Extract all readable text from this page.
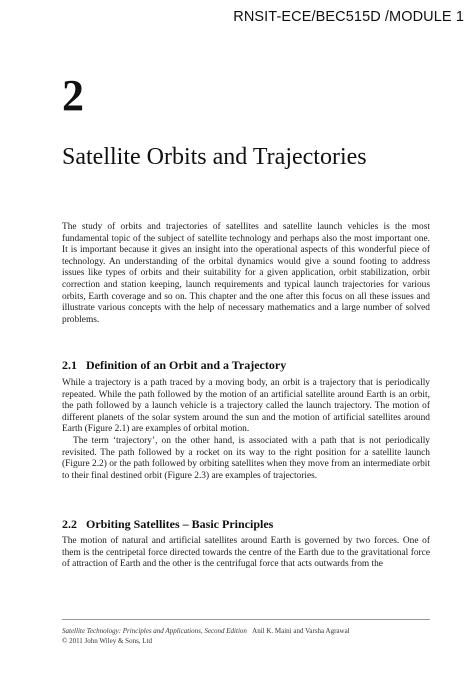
RNSIT-ECE/BEC515D /MODULE 1
2
Satellite Orbits and Trajectories
The study of orbits and trajectories of satellites and satellite launch vehicles is the most fundamental topic of the subject of satellite technology and perhaps also the most important one. It is important because it gives an insight into the operational aspects of this wonderful piece of technology. An understanding of the orbital dynamics would give a sound footing to address issues like types of orbits and their suitability for a given application, orbit stabilization, orbit correction and station keeping, launch requirements and typical launch trajectories for various orbits, Earth coverage and so on. This chapter and the one after this focus on all these issues and illustrate various concepts with the help of necessary mathematics and a large number of solved problems.
2.1 Definition of an Orbit and a Trajectory

While a trajectory is a path traced by a moving body, an orbit is a trajectory that is periodically repeated. While the path followed by the motion of an artificial satellite around Earth is an orbit, the path followed by a launch vehicle is a trajectory called the launch trajectory. The motion of different planets of the solar system around the sun and the motion of artificial satellites around Earth (Figure 2.1) are examples of orbital motion.

The term ‘trajectory’, on the other hand, is associated with a path that is not periodically revisited. The path followed by a rocket on its way to the right position for a satellite launch (Figure 2.2) or the path followed by orbiting satellites when they move from an intermediate orbit to their final destined orbit (Figure 2.3) are examples of trajectories.

2.2 Orbiting Satellites – Basic Principles

The motion of natural and artificial satellites around Earth is governed by two forces. One of them is the centripetal force directed towards the centre of the Earth due to the gravitational force of attraction of Earth and the other is the centrifugal force that acts outwards from the

Satellite Technology: Principles and Applications, Second Edition Anil K. Maini and Varsha Agrawal
© 2011 John Wiley & Sons, Ltd
